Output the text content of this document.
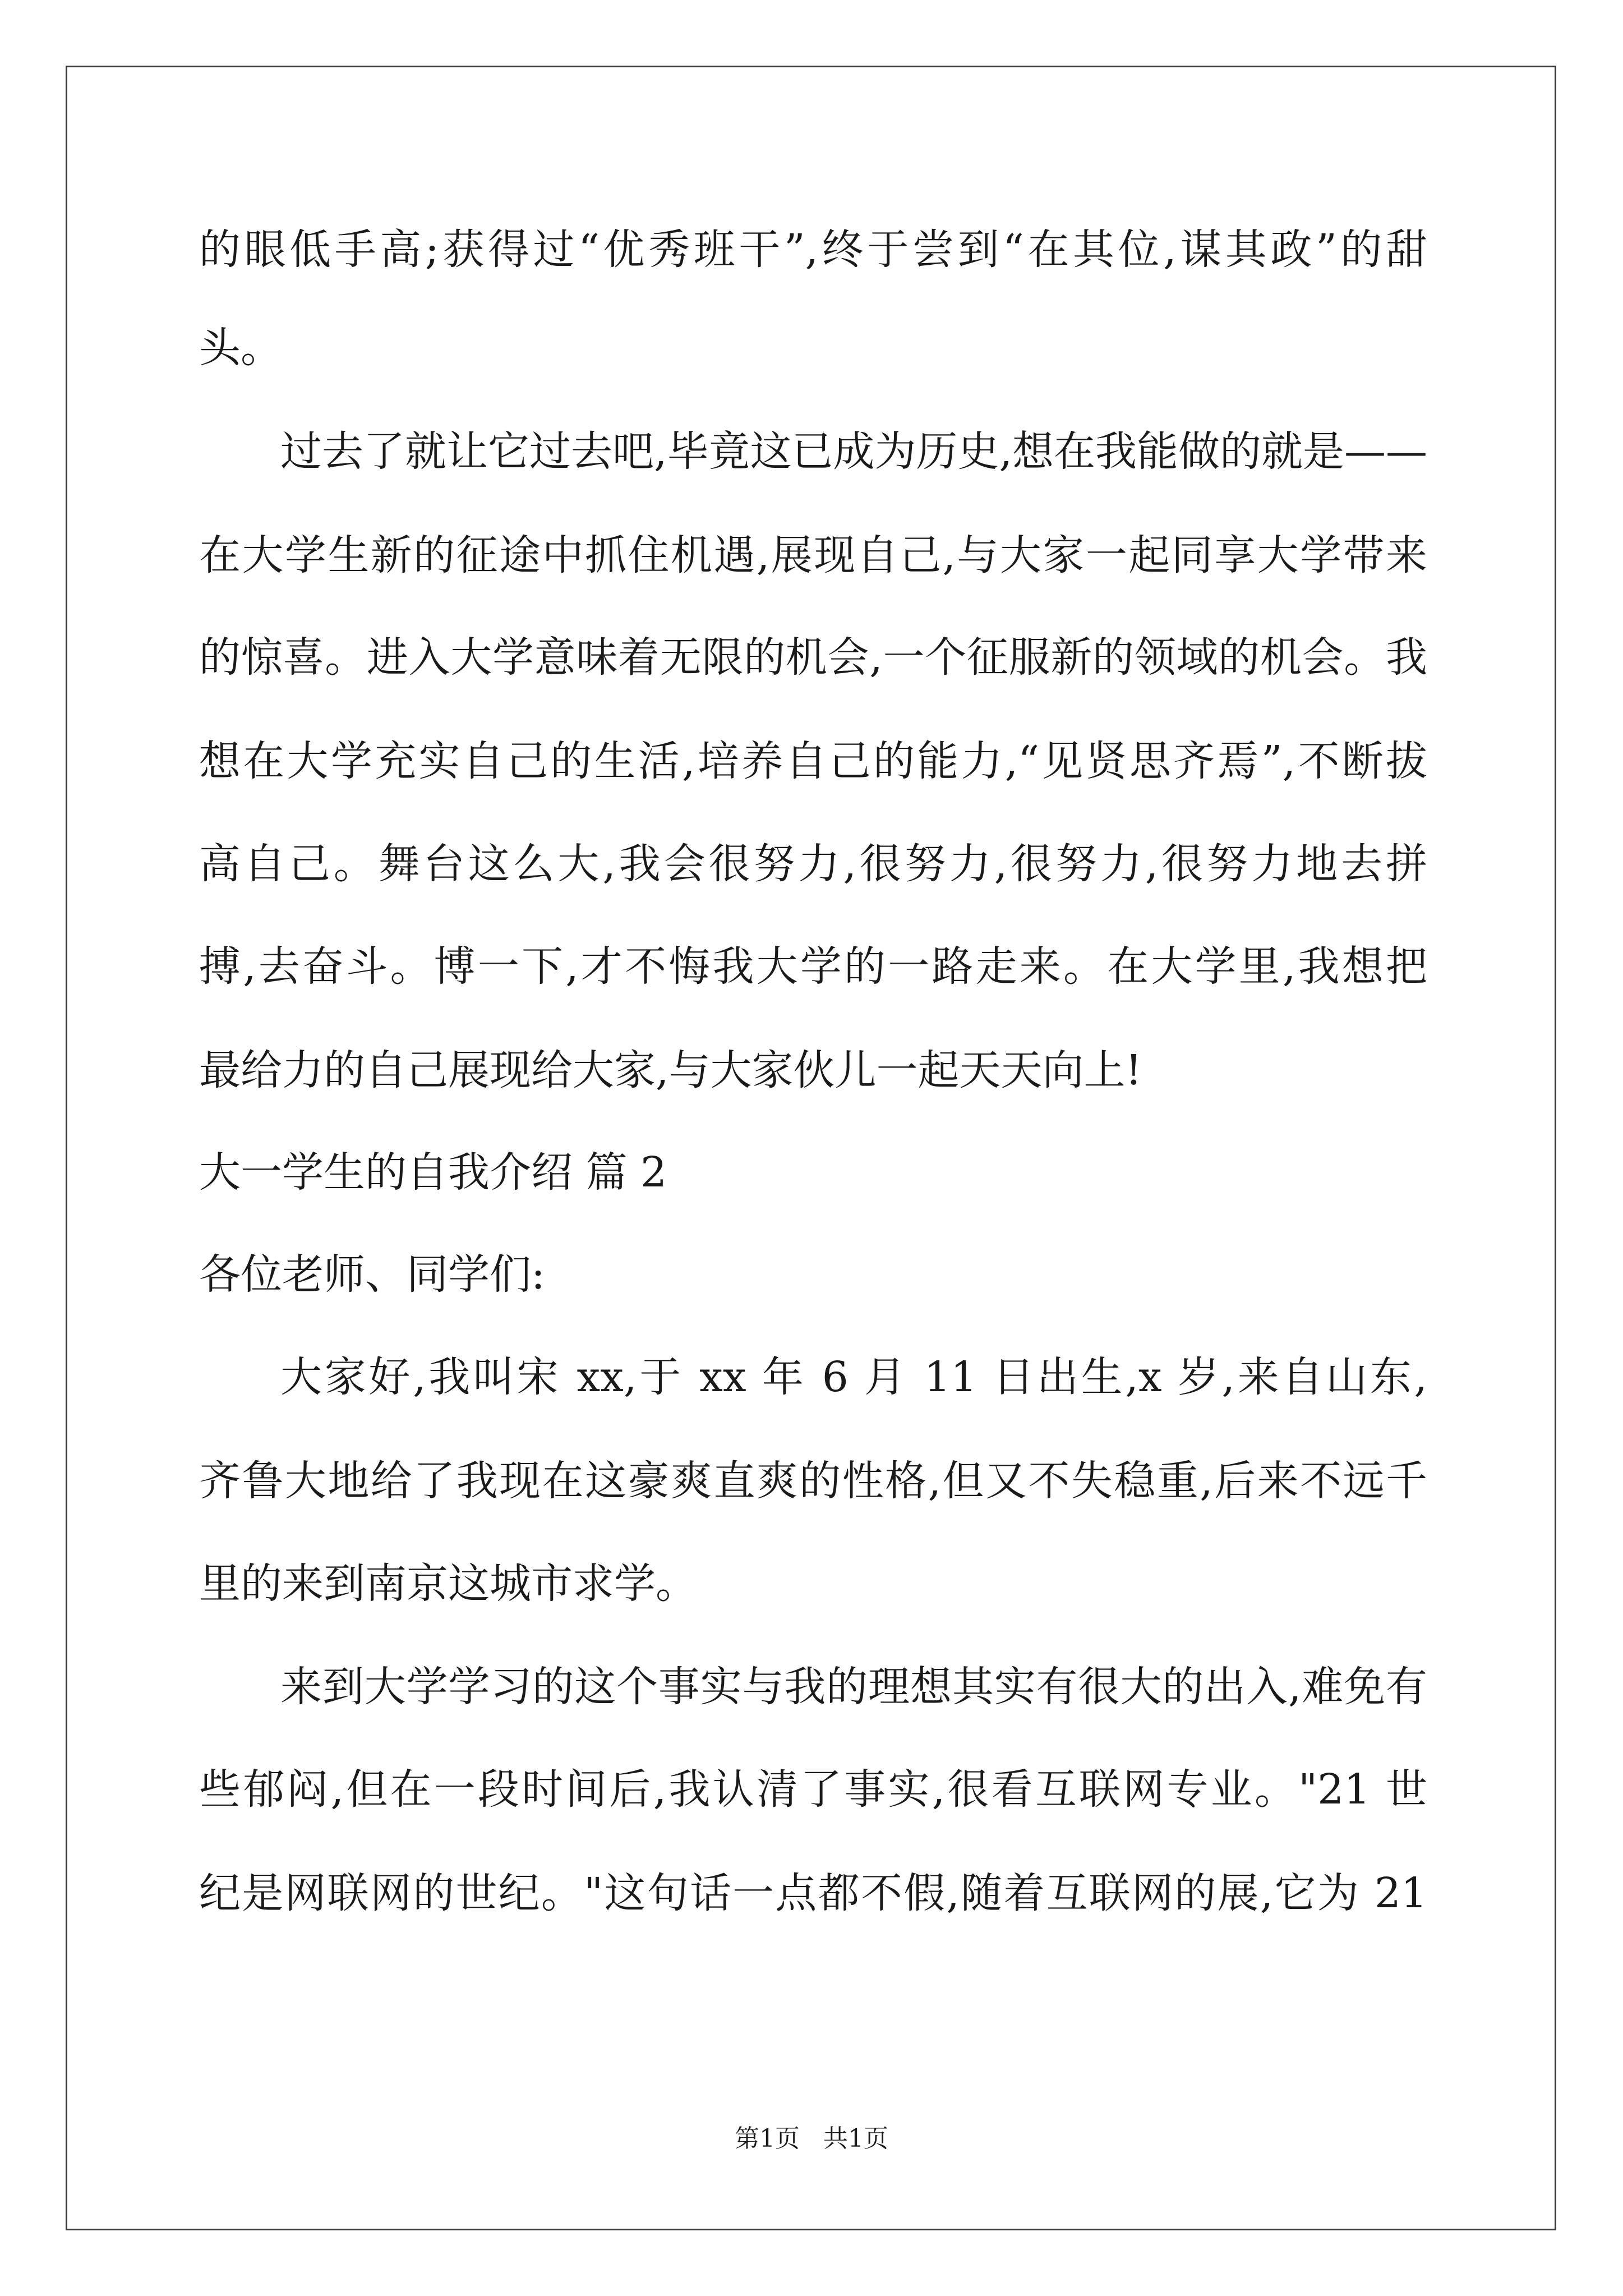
的眼低手高;获得过“优秀班干”,终于尝到“在其位,谋其政”的甜
头。
过去了就让它过去吧,毕竟这已成为历史,想在我能做的就是——
在大学生新的征途中抓住机遇,展现自己,与大家一起同享大学带来
的惊喜。进入大学意味着无限的机会,一个征服新的领域的机会。我
想在大学充实自己的生活,培养自己的能力,“见贤思齐焉”,不断拔
高自己。舞台这么大,我会很努力,很努力,很努力,很努力地去拼
搏,去奋斗。博一下,才不悔我大学的一路走来。在大学里,我想把
最给力的自己展现给大家,与大家伙儿一起天天向上!
大一学生的自我介绍 篇 2
各位老师、同学们:
大家好,我叫宋 xx,于 xx 年 6 月 11 日出生,x 岁,来自山东,
齐鲁大地给了我现在这豪爽直爽的性格,但又不失稳重,后来不远千
里的来到南京这城市求学。
来到大学学习的这个事实与我的理想其实有很大的出入,难免有
些郁闷,但在一段时间后,我认清了事实,很看互联网专业。"21 世
纪是网联网的世纪。"这句话一点都不假,随着互联网的展,它为 21
第1页   共1页
